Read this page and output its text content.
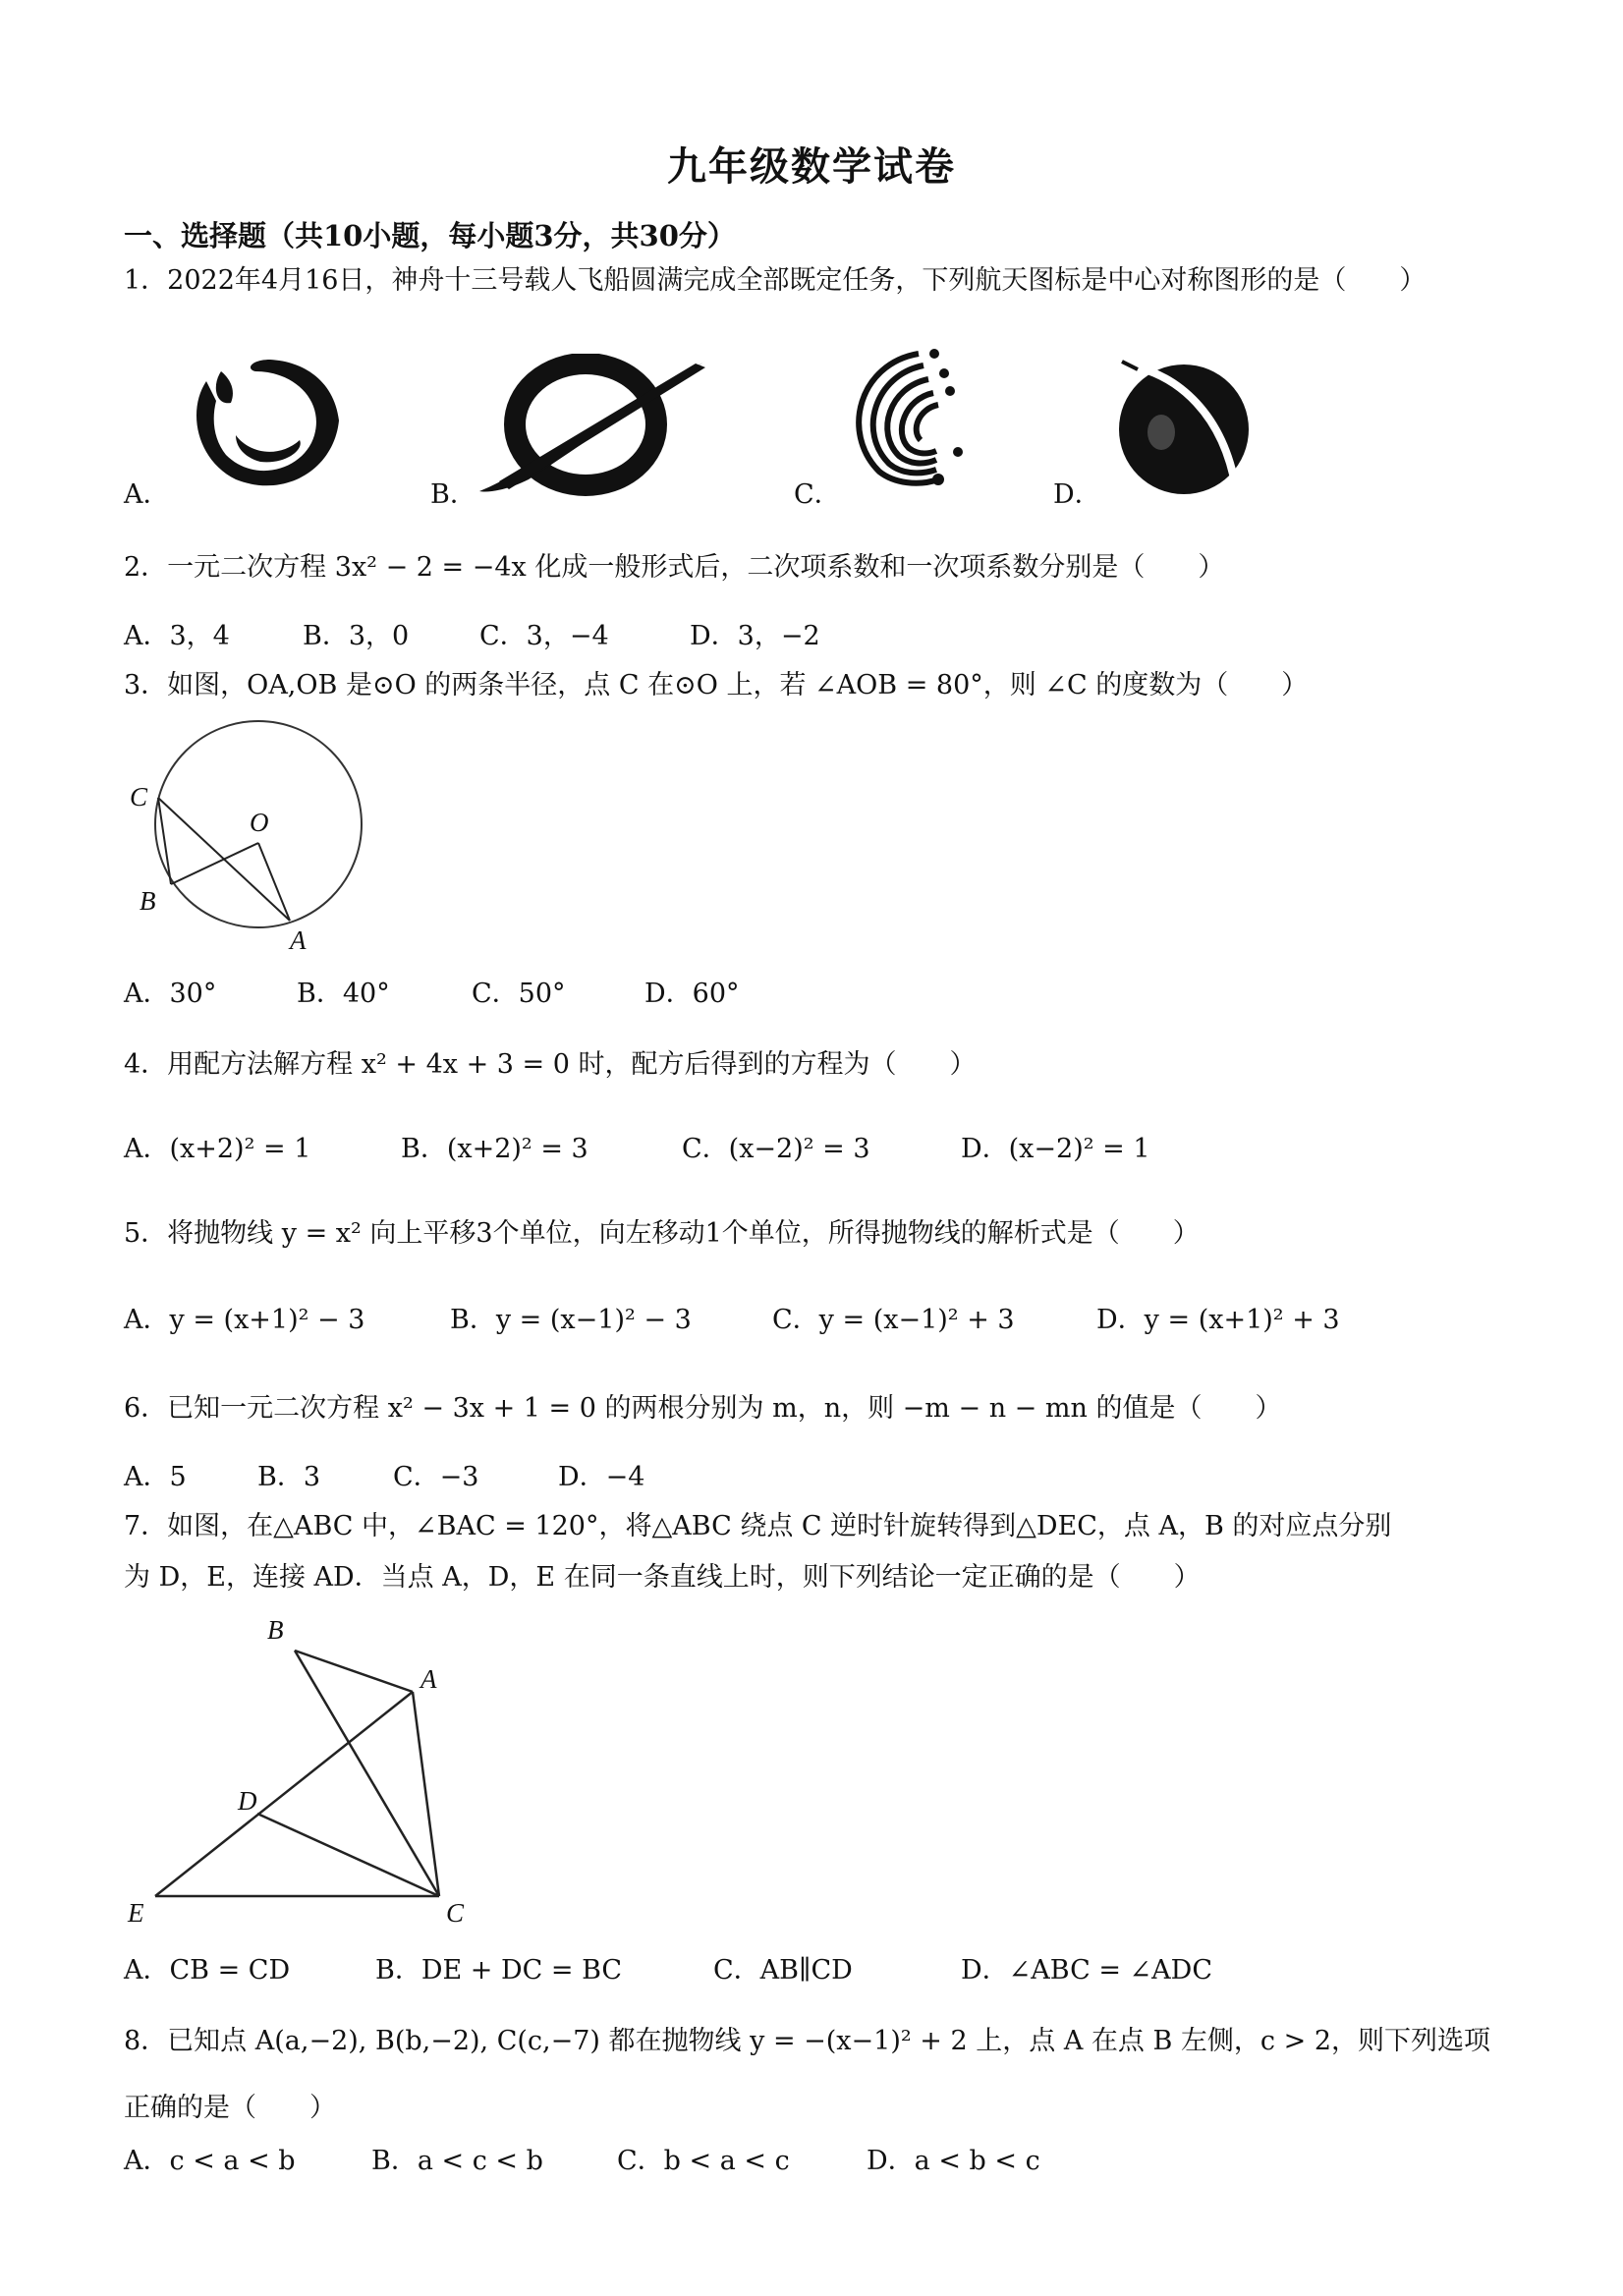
九年级数学试卷
一、选择题（共10小题，每小题3分，共30分）
1．2022年4月16日，神舟十三号载人飞船圆满完成全部既定任务，下列航天图标是中心对称图形的是（　　）
A．	B．	C．	D．
2．一元二次方程 3x² − 2 = −4x 化成一般形式后，二次项系数和一次项系数分别是（　　）
A．3，4	B．3，0	C．3，−4	D．3，−2
3．如图，OA,OB 是⊙O 的两条半径，点 C 在⊙O 上，若 ∠AOB = 80°，则 ∠C 的度数为（　　）
C
O
B
A
A．30°	B．40°	C．50°	D．60°
4．用配方法解方程 x² + 4x + 3 = 0 时，配方后得到的方程为（　　）
A．(x+2)² = 1	B．(x+2)² = 3	C．(x−2)² = 3	D．(x−2)² = 1
5．将抛物线 y = x² 向上平移3个单位，向左移动1个单位，所得抛物线的解析式是（　　）
A．y = (x+1)² − 3	B．y = (x−1)² − 3	C．y = (x−1)² + 3	D．y = (x+1)² + 3
6．已知一元二次方程 x² − 3x + 1 = 0 的两根分别为 m，n，则 −m − n − mn 的值是（　　）
A．5	B．3	C．−3	D．−4
7．如图，在△ABC 中，∠BAC = 120°，将△ABC 绕点 C 逆时针旋转得到△DEC，点 A，B 的对应点分别
为 D，E，连接 AD．当点 A，D，E 在同一条直线上时，则下列结论一定正确的是（　　）
B
A
D
E	C
A．CB = CD	B．DE + DC = BC	C．AB∥CD	D．∠ABC = ∠ADC
8．已知点 A(a,−2), B(b,−2), C(c,−7) 都在抛物线 y = −(x−1)² + 2 上，点 A 在点 B 左侧，c > 2，则下列选项
正确的是（　　）
A．c < a < b	B．a < c < b	C．b < a < c	D．a < b < c
